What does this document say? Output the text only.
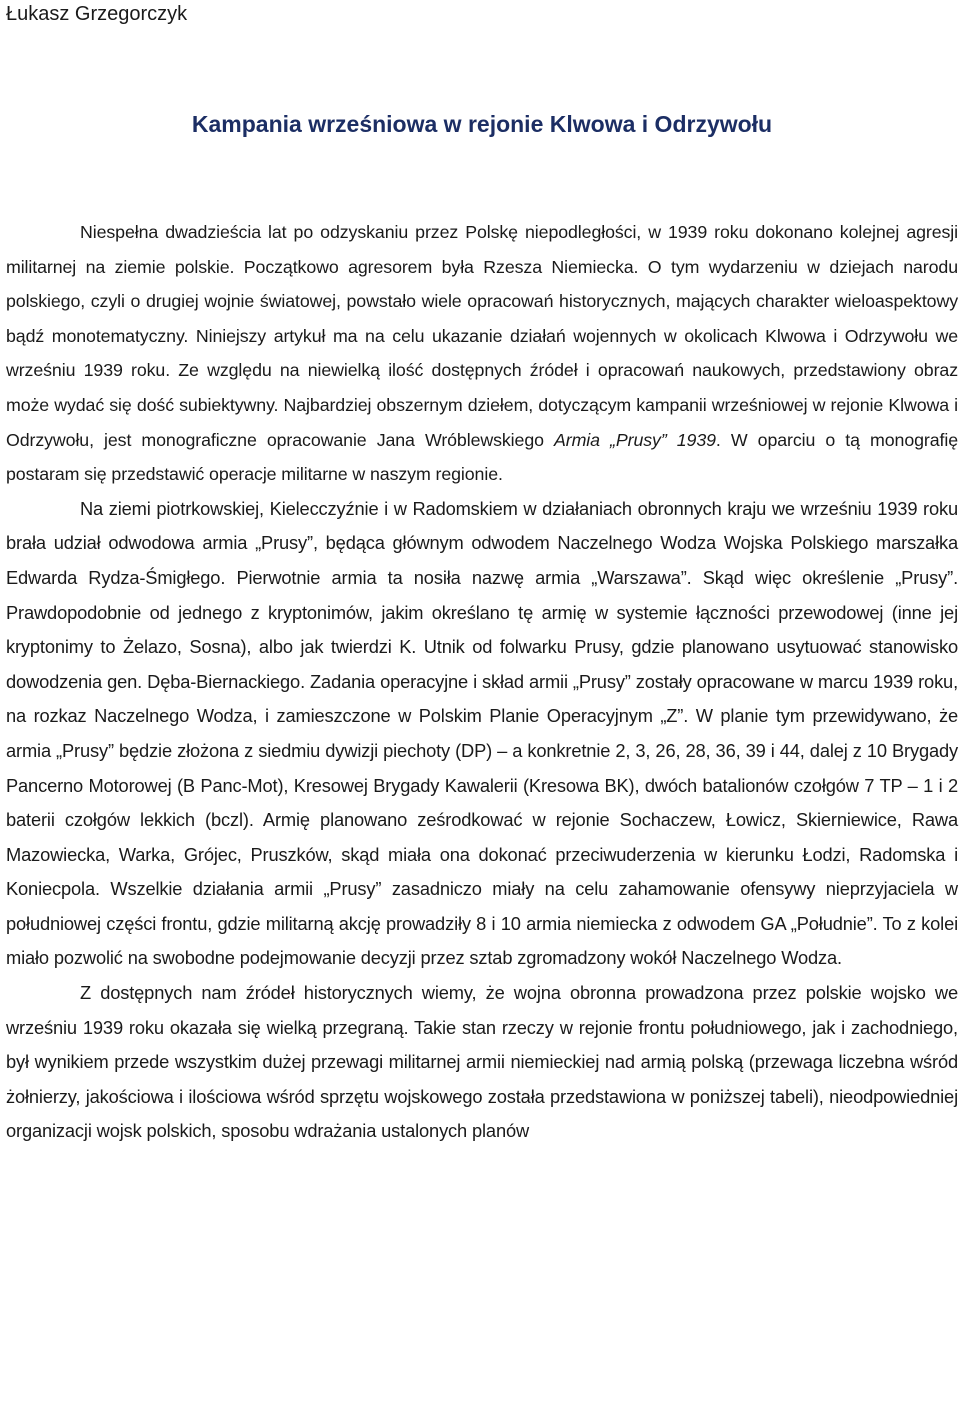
Łukasz Grzegorczyk

Kampania wrześniowa w rejonie Klwowa i Odrzywołu

Niespełna dwadzieścia lat po odzyskaniu przez Polskę niepodległości, w 1939 roku dokonano kolejnej agresji militarnej na ziemie polskie. Początkowo agresorem była Rzesza Niemiecka. O tym wydarzeniu w dziejach narodu polskiego, czyli o drugiej wojnie światowej, powstało wiele opracowań historycznych, mających charakter wieloaspektowy bądź monotematyczny. Niniejszy artykuł ma na celu ukazanie działań wojennych w okolicach Klwowa i Odrzywołu we wrześniu 1939 roku. Ze względu na niewielką ilość dostępnych źródeł i opracowań naukowych, przedstawiony obraz może wydać się dość subiektywny. Najbardziej obszernym dziełem, dotyczącym kampanii wrześniowej w rejonie Klwowa i Odrzywołu, jest monograficzne opracowanie Jana Wróblewskiego Armia „Prusy” 1939. W oparciu o tą monografię postaram się przedstawić operacje militarne w naszym regionie.

Na ziemi piotrkowskiej, Kielecczyźnie i w Radomskiem w działaniach obronnych kraju we wrześniu 1939 roku brała udział odwodowa armia „Prusy”, będąca głównym odwodem Naczelnego Wodza Wojska Polskiego marszałka Edwarda Rydza-Śmigłego. Pierwotnie armia ta nosiła nazwę armia „Warszawa”. Skąd więc określenie „Prusy”. Prawdopodobnie od jednego z kryptonimów, jakim określano tę armię w systemie łączności przewodowej (inne jej kryptonimy to Żelazo, Sosna), albo jak twierdzi K. Utnik od folwarku Prusy, gdzie planowano usytuować stanowisko dowodzenia gen. Dęba-Biernackiego. Zadania operacyjne i skład armii „Prusy” zostały opracowane w marcu 1939 roku, na rozkaz Naczelnego Wodza, i zamieszczone w Polskim Planie Operacyjnym „Z”. W planie tym przewidywano, że armia „Prusy” będzie złożona z siedmiu dywizji piechoty (DP) – a konkretnie 2, 3, 26, 28, 36, 39 i 44, dalej z 10 Brygady Pancerno Motorowej (B Panc-Mot), Kresowej Brygady Kawalerii (Kresowa BK), dwóch batalionów czołgów 7 TP – 1 i 2 baterii czołgów lekkich (bczl). Armię planowano ześrodkować w rejonie Sochaczew, Łowicz, Skierniewice, Rawa Mazowiecka, Warka, Grójec, Pruszków, skąd miała ona dokonać przeciwuderzenia w kierunku Łodzi, Radomska i Koniecpola. Wszelkie działania armii „Prusy” zasadniczo miały na celu zahamowanie ofensywy nieprzyjaciela w południowej części frontu, gdzie militarną akcję prowadziły 8 i 10 armia niemiecka z odwodem GA „Południe”. To z kolei miało pozwolić na swobodne podejmowanie decyzji przez sztab zgromadzony wokół Naczelnego Wodza.

Z dostępnych nam źródeł historycznych wiemy, że wojna obronna prowadzona przez polskie wojsko we wrześniu 1939 roku okazała się wielką przegraną. Takie stan rzeczy w rejonie frontu południowego, jak i zachodniego, był wynikiem przede wszystkim dużej przewagi militarnej armii niemieckiej nad armią polską (przewaga liczebna wśród żołnierzy, jakościowa i ilościowa wśród sprzętu wojskowego została przedstawiona w poniższej tabeli), nieodpowiedniej organizacji wojsk polskich, sposobu wdrażania ustalonych planów
